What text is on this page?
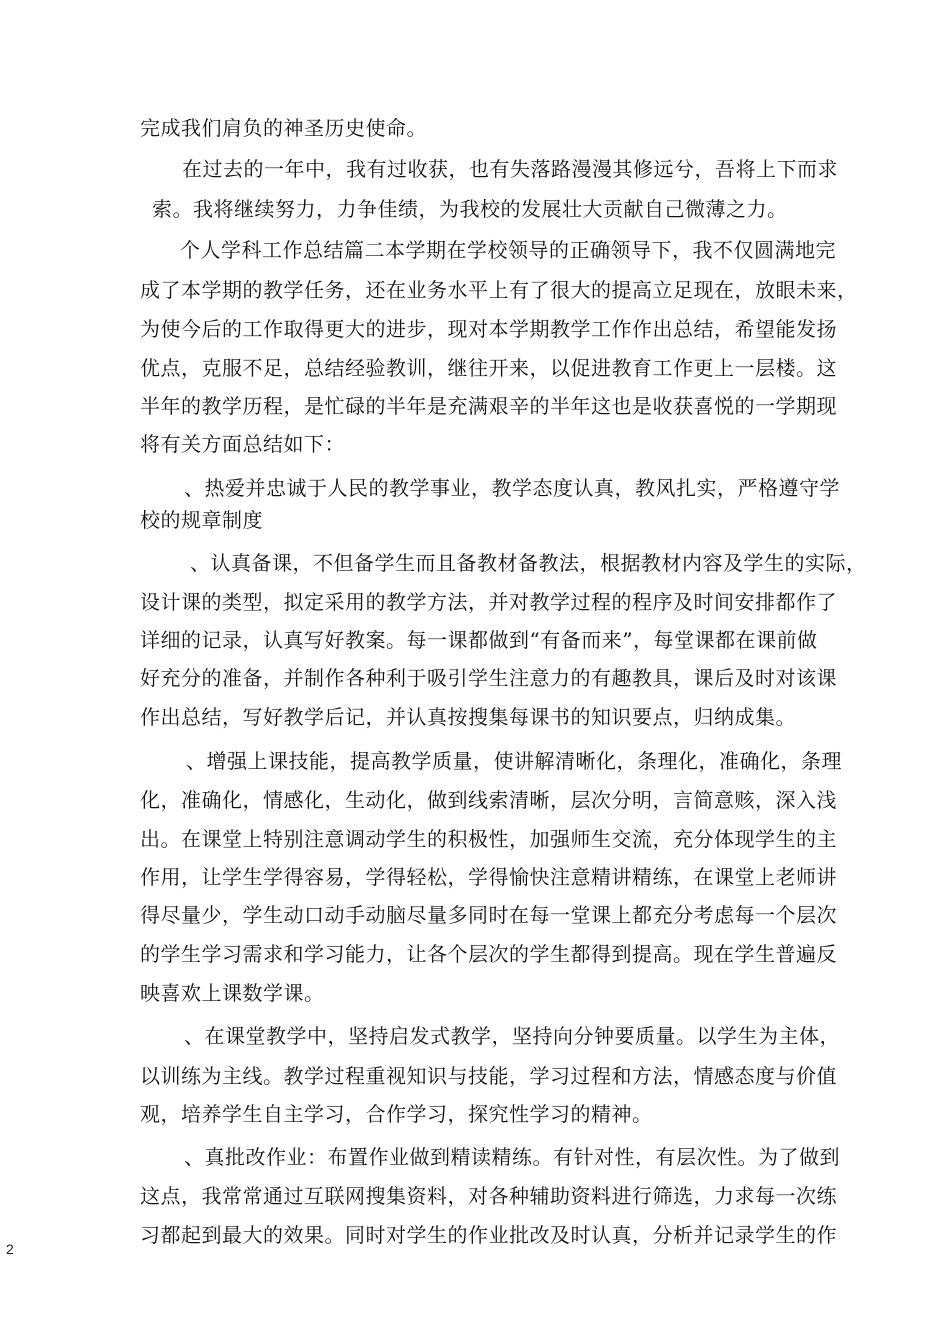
完成我们肩负的神圣历史使命。
在过去的一年中，我有过收获，也有失落路漫漫其修远兮，吾将上下而求
索。我将继续努力，力争佳绩，为我校的发展壮大贡献自己微薄之力。
个人学科工作总结篇二本学期在学校领导的正确领导下，我不仅圆满地完
成了本学期的教学任务，还在业务水平上有了很大的提高立足现在，放眼未来，
为使今后的工作取得更大的进步，现对本学期教学工作作出总结，希望能发扬
优点，克服不足，总结经验教训，继往开来，以促进教育工作更上一层楼。这
半年的教学历程，是忙碌的半年是充满艰辛的半年这也是收获喜悦的一学期现
将有关方面总结如下：
、热爱并忠诚于人民的教学事业，教学态度认真，教风扎实，严格遵守学
校的规章制度
、认真备课，不但备学生而且备教材备教法，根据教材内容及学生的实际，
设计课的类型，拟定采用的教学方法，并对教学过程的程序及时间安排都作了
详细的记录，认真写好教案。每一课都做到“有备而来”，每堂课都在课前做
好充分的准备，并制作各种利于吸引学生注意力的有趣教具，课后及时对该课
作出总结，写好教学后记，并认真按搜集每课书的知识要点，归纳成集。
、增强上课技能，提高教学质量，使讲解清晰化，条理化，准确化，条理
化，准确化，情感化，生动化，做到线索清晰，层次分明，言简意赅，深入浅
出。在课堂上特别注意调动学生的积极性，加强师生交流，充分体现学生的主
作用，让学生学得容易，学得轻松，学得愉快注意精讲精练，在课堂上老师讲
得尽量少，学生动口动手动脑尽量多同时在每一堂课上都充分考虑每一个层次
的学生学习需求和学习能力，让各个层次的学生都得到提高。现在学生普遍反
映喜欢上课数学课。
、在课堂教学中，坚持启发式教学，坚持向分钟要质量。以学生为主体，
以训练为主线。教学过程重视知识与技能，学习过程和方法，情感态度与价值
观，培养学生自主学习，合作学习，探究性学习的精神。
、真批改作业：布置作业做到精读精练。有针对性，有层次性。为了做到
这点，我常常通过互联网搜集资料，对各种辅助资料进行筛选，力求每一次练
习都起到最大的效果。同时对学生的作业批改及时认真，分析并记录学生的作
2
